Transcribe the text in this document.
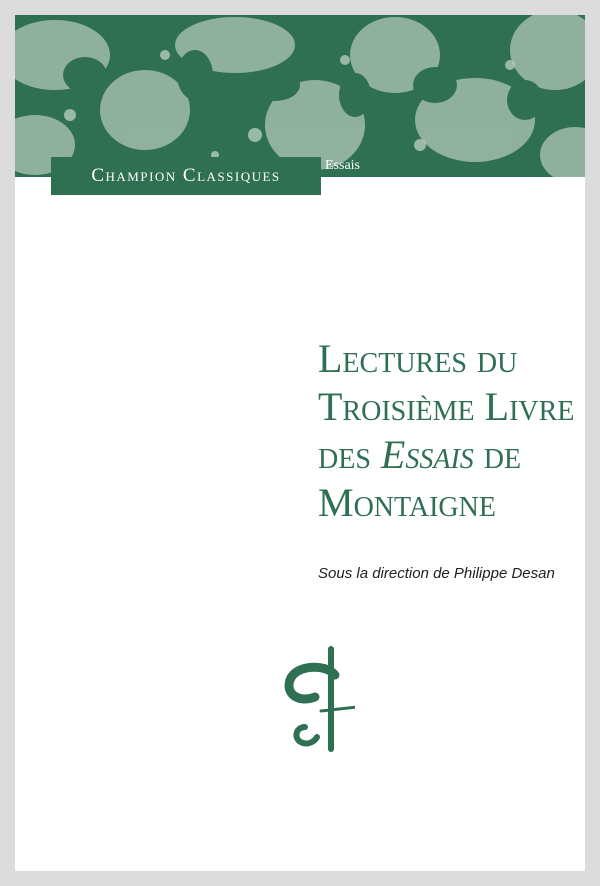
Champion Classiques	Essais
Lectures du
Troisième Livre
des Essais de
Montaigne
Sous la direction de Philippe Desan
